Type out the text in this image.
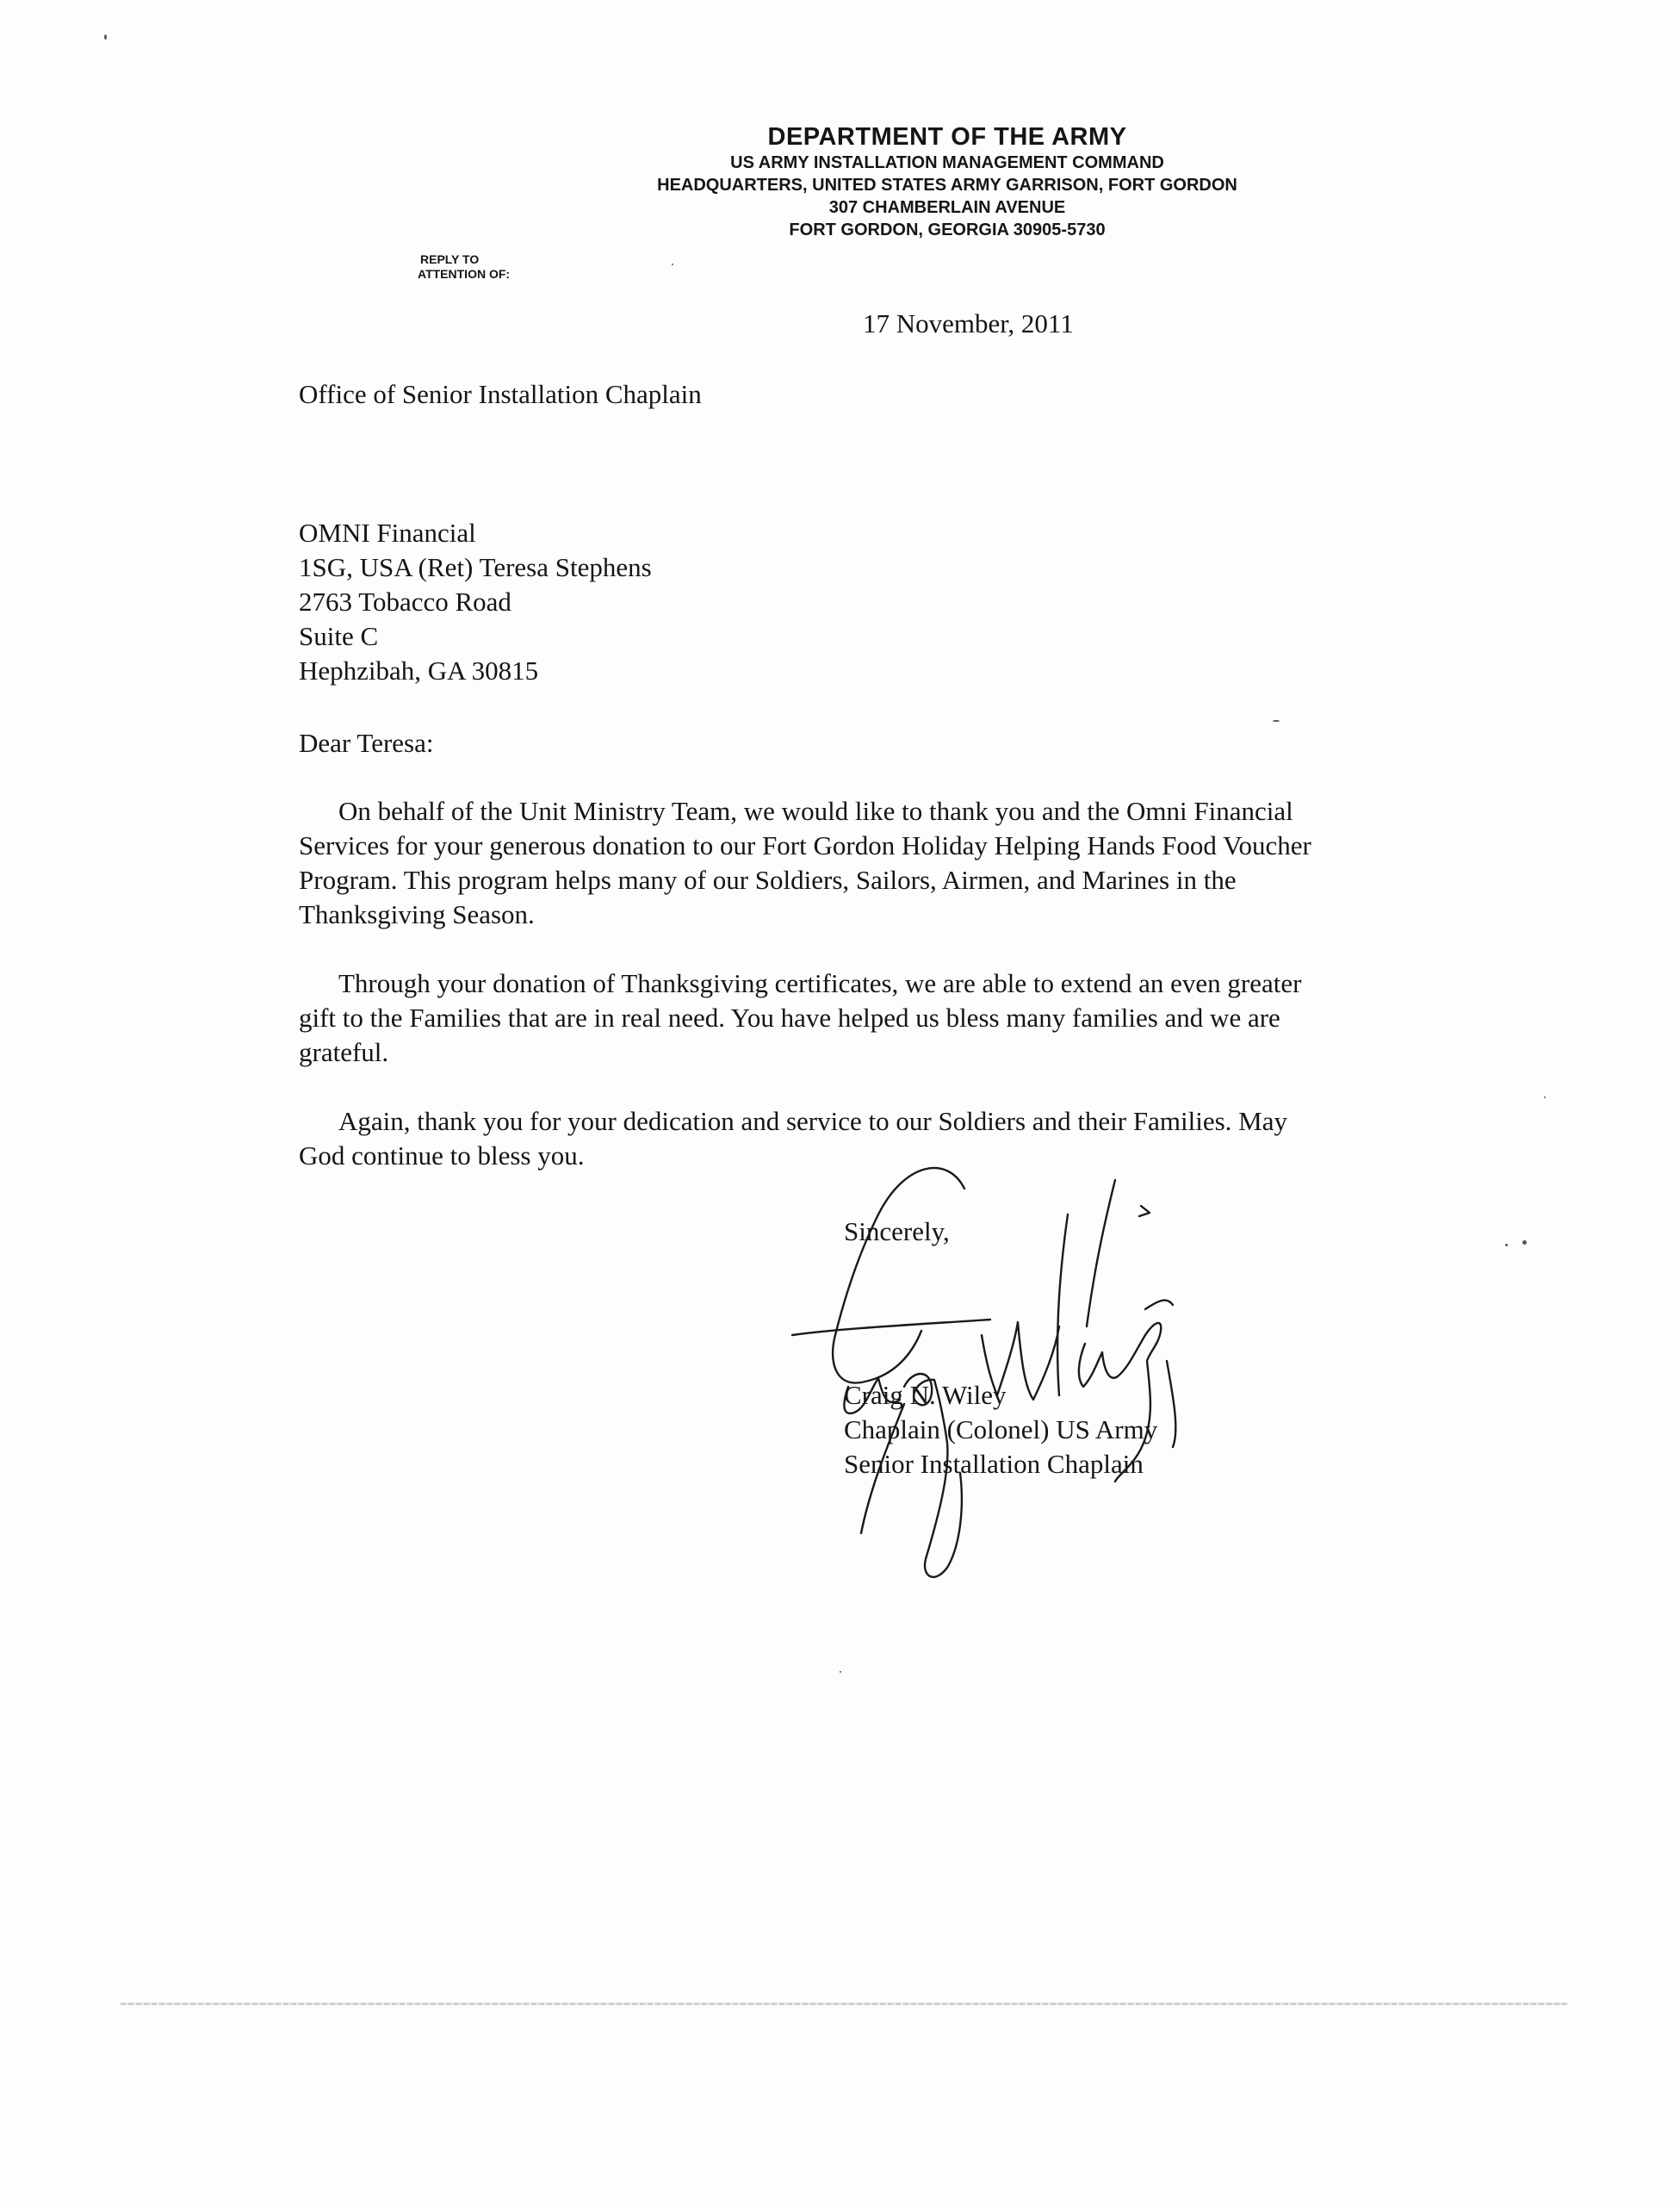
DEPARTMENT OF THE ARMY
US ARMY INSTALLATION MANAGEMENT COMMAND
HEADQUARTERS, UNITED STATES ARMY GARRISON, FORT GORDON
307 CHAMBERLAIN AVENUE
FORT GORDON, GEORGIA 30905-5730
REPLY TO
ATTENTION OF:
17 November, 2011
Office of Senior Installation Chaplain
OMNI Financial
1SG, USA (Ret) Teresa Stephens
2763 Tobacco Road
Suite C
Hephzibah, GA 30815
Dear Teresa:

On behalf of the Unit Ministry Team, we would like to thank you and the Omni Financial
Services for your generous donation to our Fort Gordon Holiday Helping Hands Food Voucher
Program. This program helps many of our Soldiers, Sailors, Airmen, and Marines in the
Thanksgiving Season.

Through your donation of Thanksgiving certificates, we are able to extend an even greater
gift to the Families that are in real need. You have helped us bless many families and we are
grateful.

Again, thank you for your dedication and service to our Soldiers and their Families. May
God continue to bless you.

Sincerely,
Craig N. Wiley
Chaplain (Colonel) US Army
Senior Installation Chaplain
